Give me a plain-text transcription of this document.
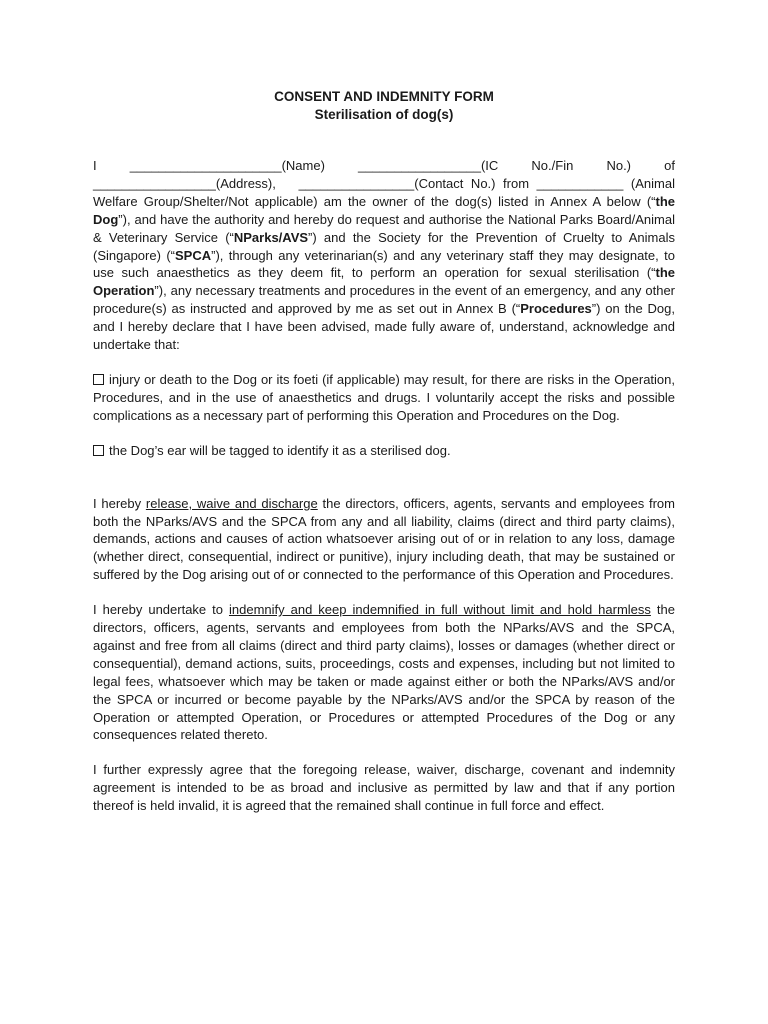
CONSENT AND INDEMNITY FORM
Sterilisation of dog(s)
I	_____________________(Name)	_________________(IC	No./Fin	No.)	of

_________________(Address), ________________(Contact No.) from ____________ (Animal Welfare Group/Shelter/Not applicable) am the owner of the dog(s) listed in Annex A below (“the Dog”), and have the authority and hereby do request and authorise the National Parks Board/Animal & Veterinary Service (“NParks/AVS”) and the Society for the Prevention of Cruelty to Animals (Singapore) (“SPCA”), through any veterinarian(s) and any veterinary staff they may designate, to use such anaesthetics as they deem fit, to perform an operation for sexual sterilisation (“the Operation”), any necessary treatments and procedures in the event of an emergency, and any other procedure(s) as instructed and approved by me as set out in Annex B (“Procedures”) on the Dog, and I hereby declare that I have been advised, made fully aware of, understand, acknowledge and undertake that:

injury or death to the Dog or its foeti (if applicable) may result, for there are risks in the Operation, Procedures, and in the use of anaesthetics and drugs. I voluntarily accept the risks and possible complications as a necessary part of performing this Operation and Procedures on the Dog.

the Dog’s ear will be tagged to identify it as a sterilised dog.

I hereby release, waive and discharge the directors, officers, agents, servants and employees from both the NParks/AVS and the SPCA from any and all liability, claims (direct and third party claims), demands, actions and causes of action whatsoever arising out of or in relation to any loss, damage (whether direct, consequential, indirect or punitive), injury including death, that may be sustained or suffered by the Dog arising out of or connected to the performance of this Operation and Procedures.

I hereby undertake to indemnify and keep indemnified in full without limit and hold harmless the directors, officers, agents, servants and employees from both the NParks/AVS and the SPCA, against and free from all claims (direct and third party claims), losses or damages (whether direct or consequential), demand actions, suits, proceedings, costs and expenses, including but not limited to legal fees, whatsoever which may be taken or made against either or both the NParks/AVS and/or the SPCA or incurred or become payable by the NParks/AVS and/or the SPCA by reason of the Operation or attempted Operation, or Procedures or attempted Procedures of the Dog or any consequences related thereto.

I further expressly agree that the foregoing release, waiver, discharge, covenant and indemnity agreement is intended to be as broad and inclusive as permitted by law and that if any portion thereof is held invalid, it is agreed that the remained shall continue in full force and effect.
